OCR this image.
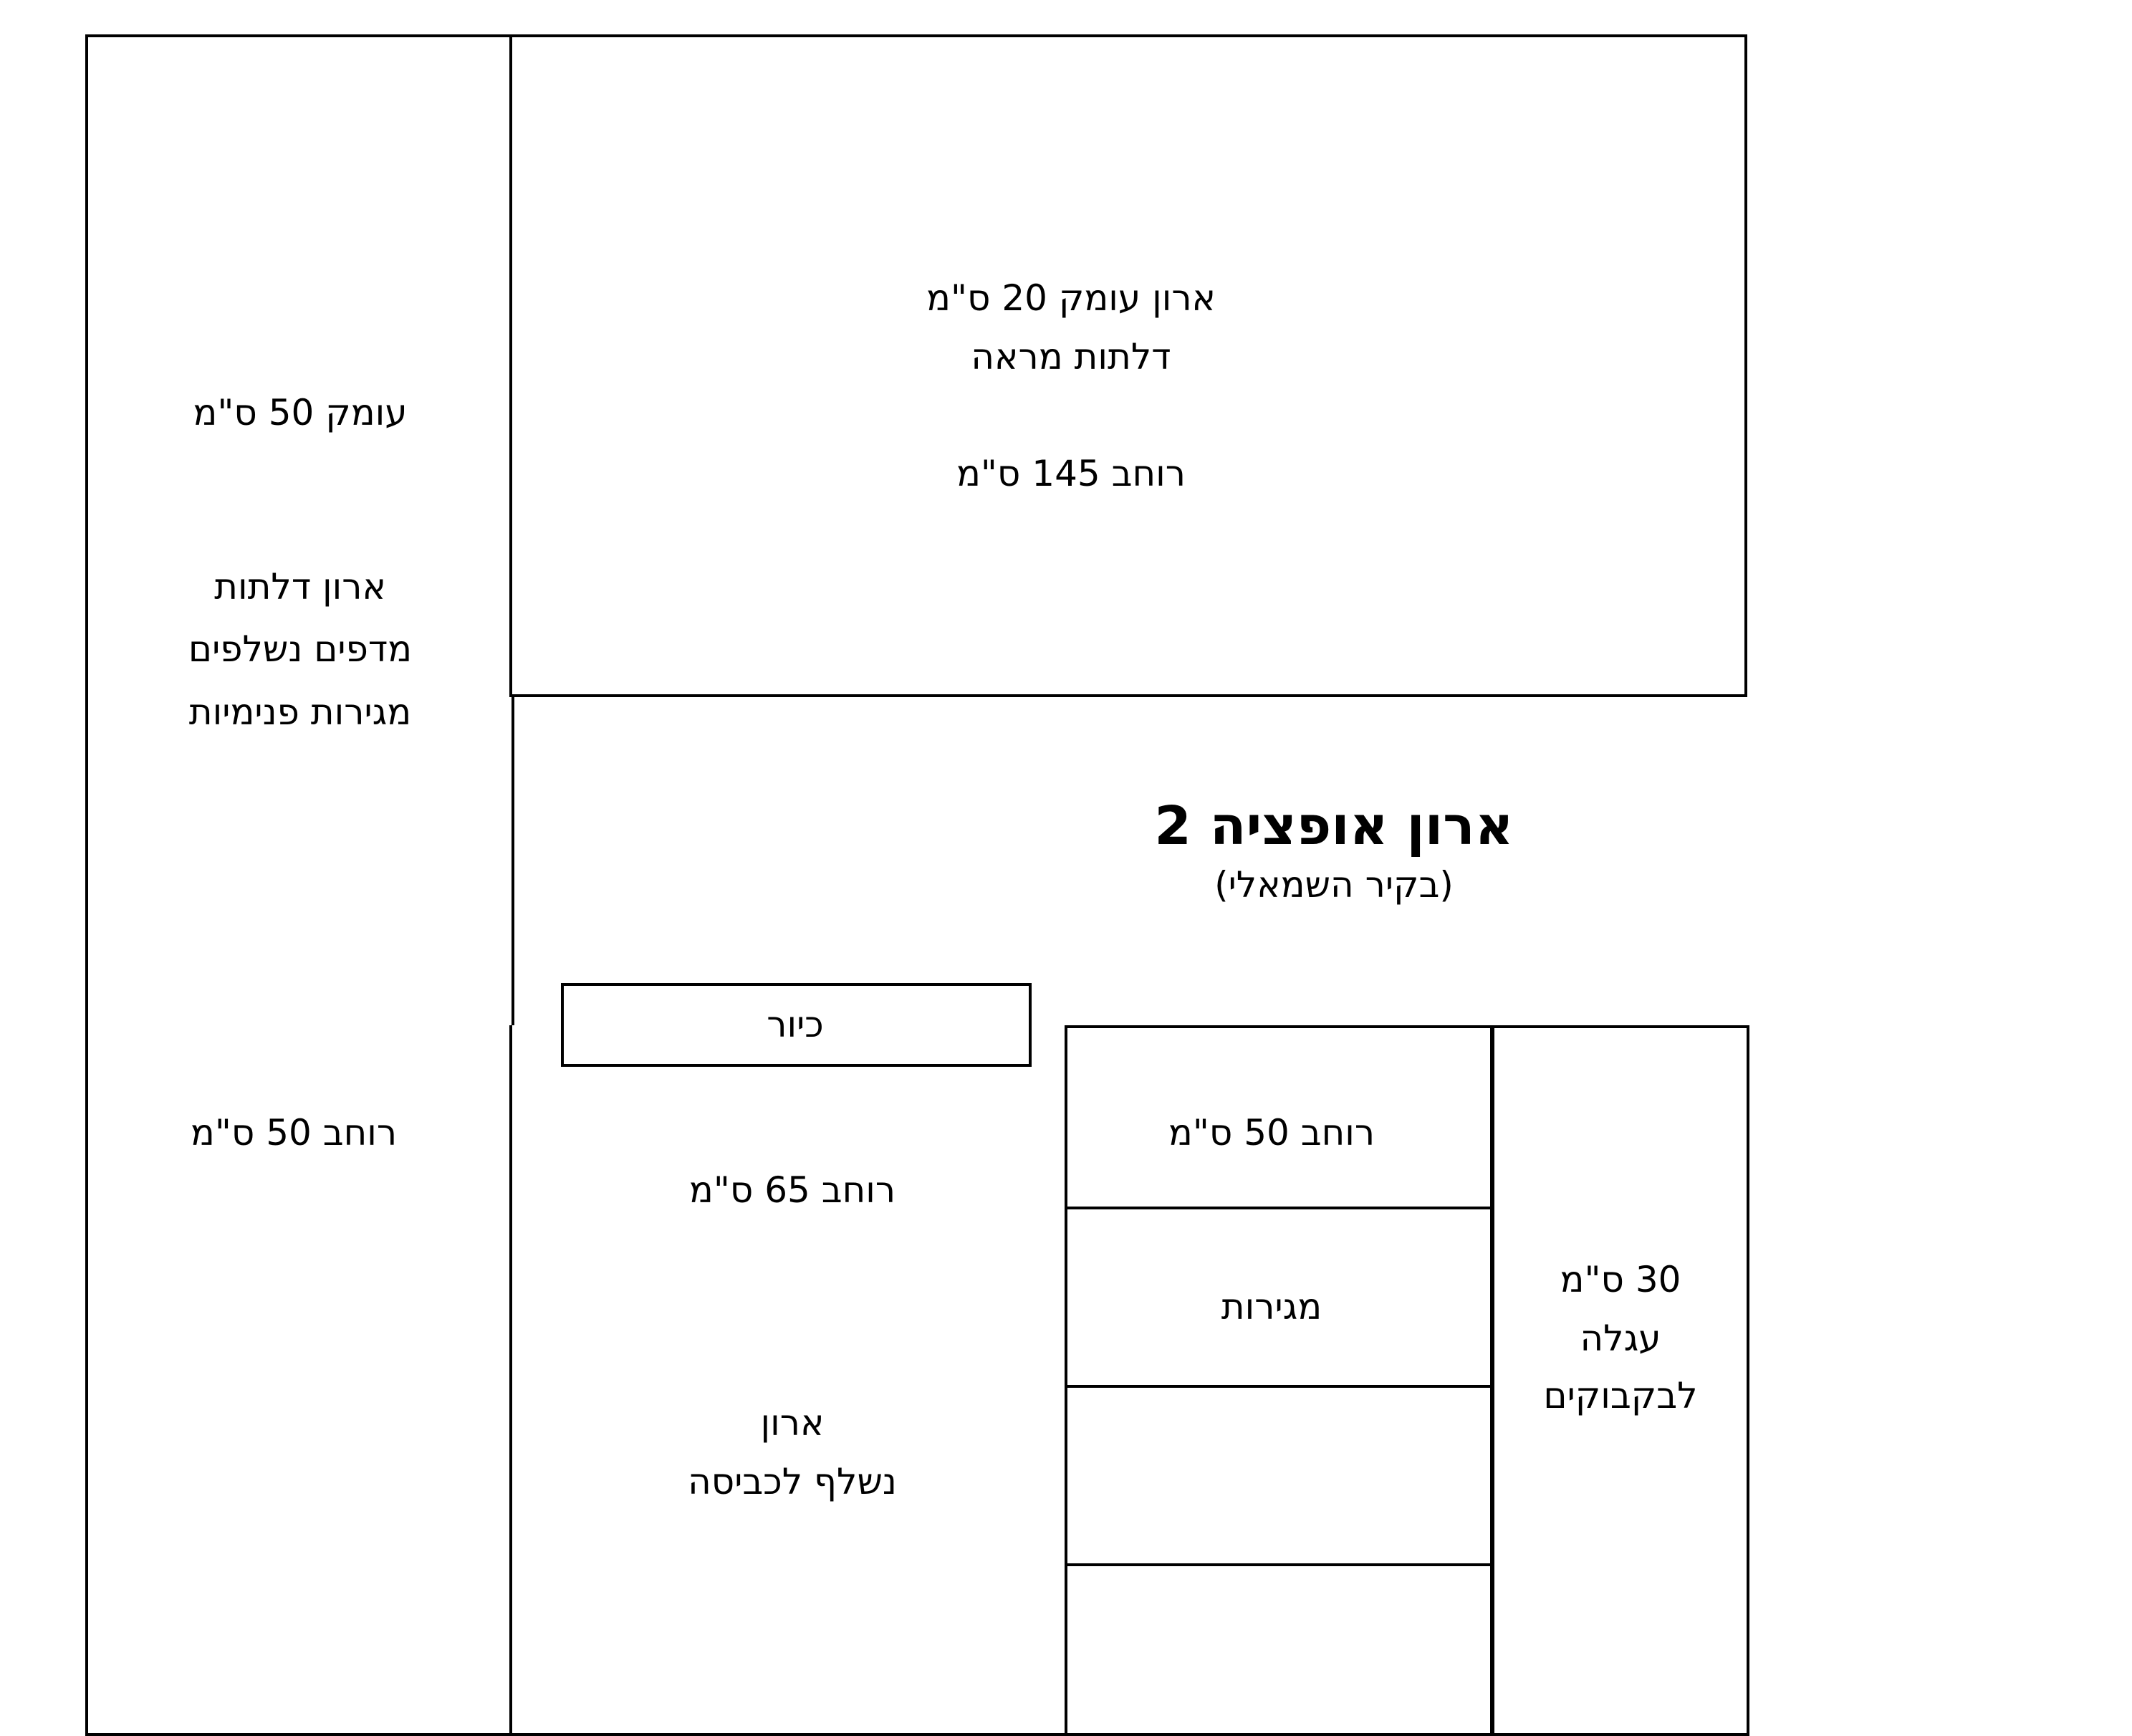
עומק 50 ס"מ
ארון דלתות
מדפים נשלפים
מגירות פנימיות
רוחב 50 ס"מ
ארון עומק 20 ס"מ
דלתות מראה
רוחב 145 ס"מ
ארון אופציה 2
(בקיר השמאלי)
רוחב 65 ס"מ
ארון
נשלף לכביסה
כיור
רוחב 50 ס"מ
מגירות
30 ס"מ
עגלה
לבקבוקים
